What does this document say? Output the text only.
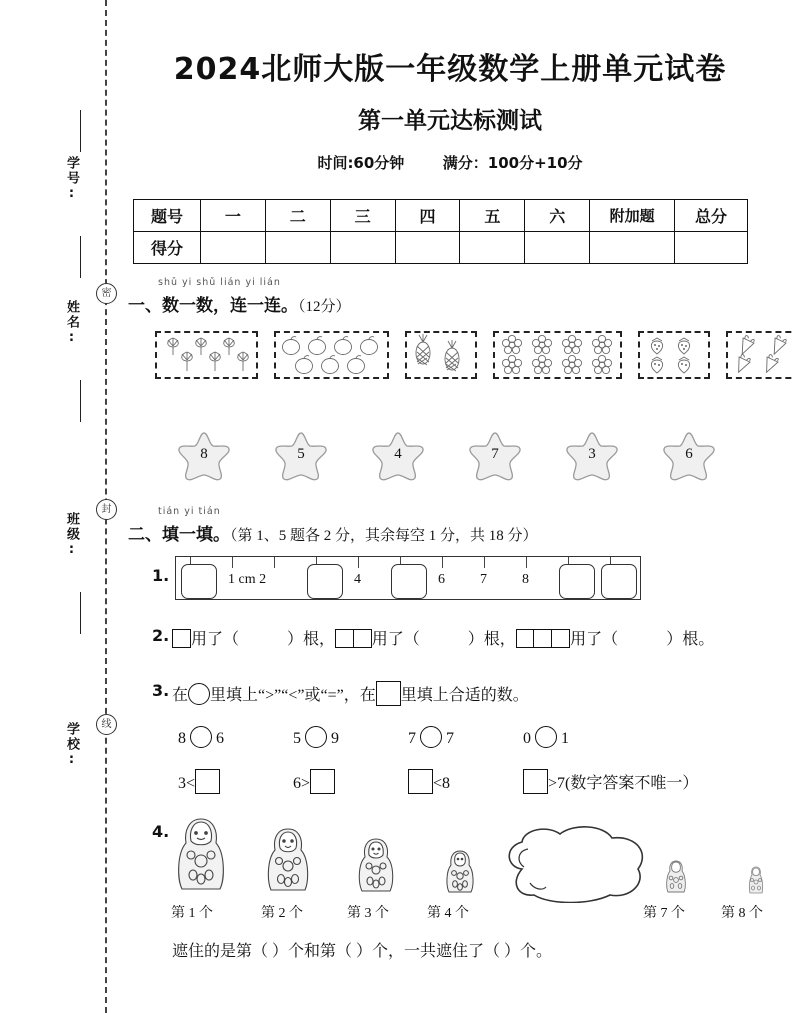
学号:
姓名:
班级:
学校:
密
封
线
2024北师大版一年级数学上册单元试卷
第一单元达标测试
时间:60分钟	满分：100分+10分
题号	一	二	三	四	五	六	附加题	总分
得分								
shǔ yi shǔ lián yi lián
一、数一数，连一连。（12分）
8	5	4	7	3	6
tián yi tián
二、填一填。（第 1、5 题各 2 分，其余每空 1 分，共 18 分）
1.	1 cm 2	4	6	7	8
2.	用了（	）根， 用了（	）根，	用了（	）根。
3. 在 里填上“>”“<”或“=”，在 里填上合适的数。
8 6	5 9	7 7	0 1
3<	6>	<8	>7(数字答案不唯一）
4.
第 1 个	第 2 个	第 3 个	第 4 个	第 7 个	第 8 个
遮住的是第（ ）个和第（ ）个，一共遮住了（ ）个。
